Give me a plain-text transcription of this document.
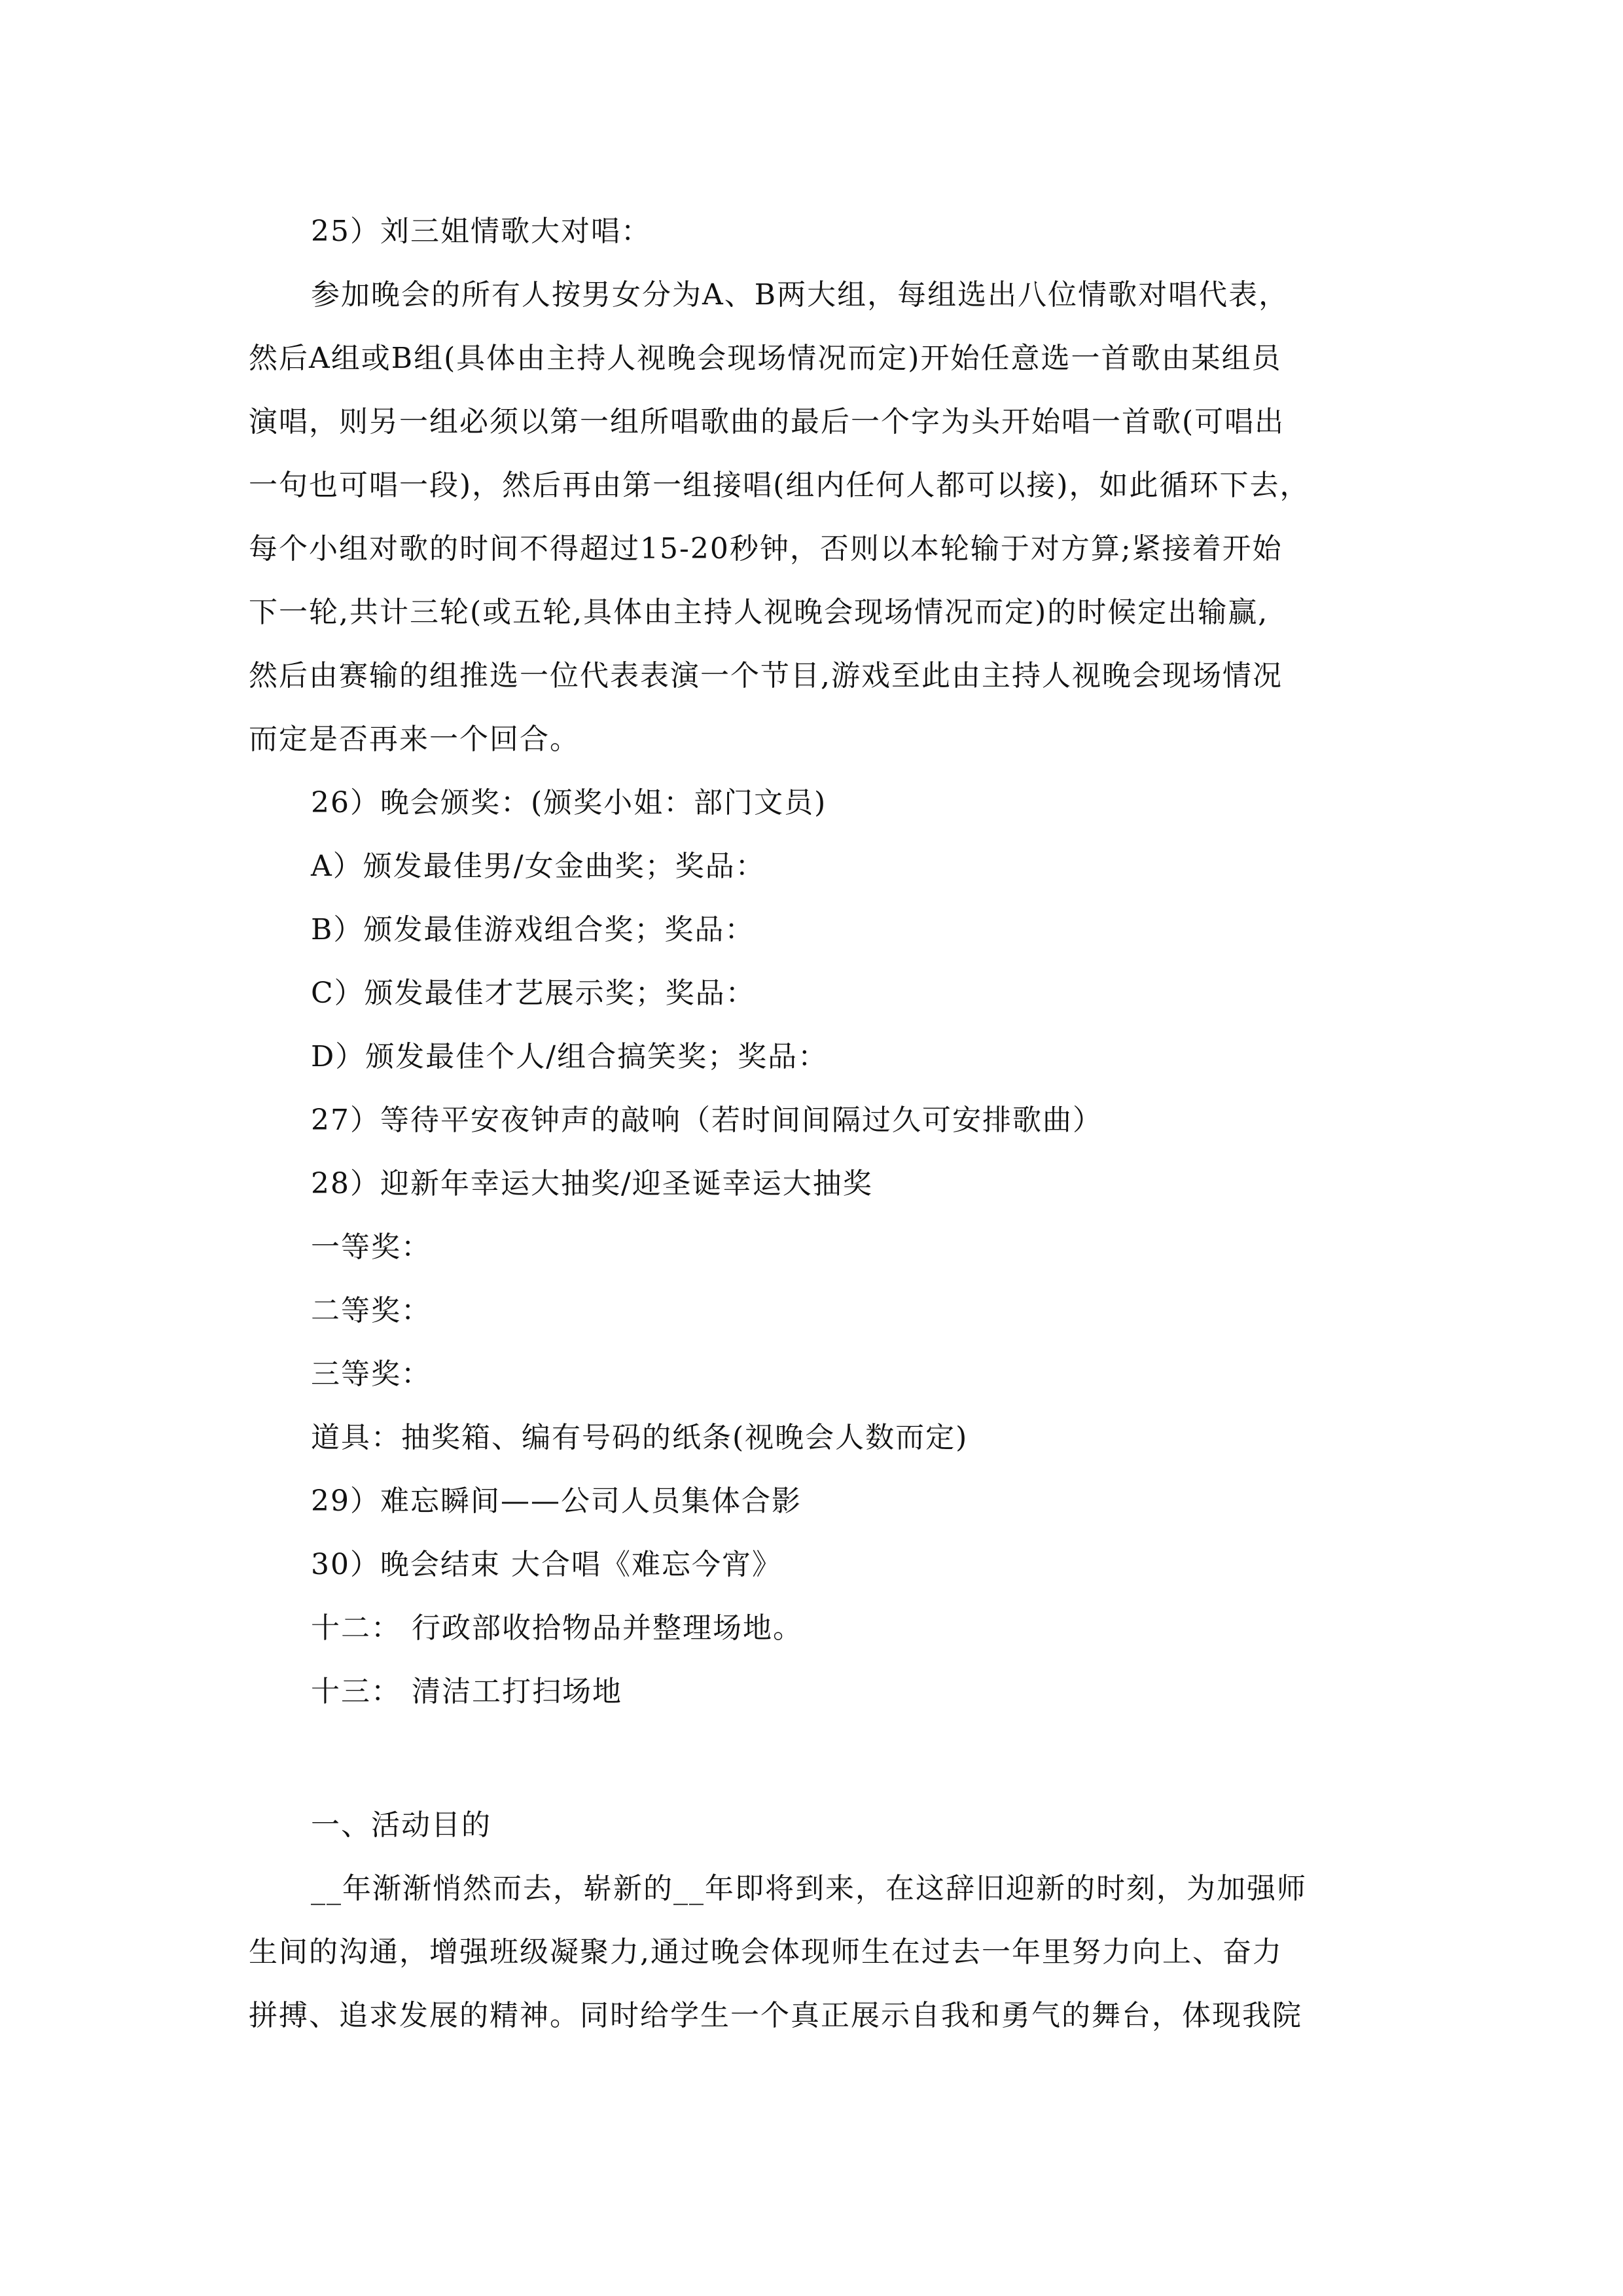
25）刘三姐情歌大对唱：
参加晚会的所有人按男女分为A、B两大组，每组选出八位情歌对唱代表，
然后A组或B组(具体由主持人视晚会现场情况而定)开始任意选一首歌由某组员
演唱，则另一组必须以第一组所唱歌曲的最后一个字为头开始唱一首歌(可唱出
一句也可唱一段)，然后再由第一组接唱(组内任何人都可以接)，如此循环下去，
每个小组对歌的时间不得超过15-20秒钟，否则以本轮输于对方算;紧接着开始
下一轮,共计三轮(或五轮,具体由主持人视晚会现场情况而定)的时候定出输赢,
然后由赛输的组推选一位代表表演一个节目,游戏至此由主持人视晚会现场情况
而定是否再来一个回合。
26）晚会颁奖：(颁奖小姐：部门文员)
A）颁发最佳男/女金曲奖；奖品：
B）颁发最佳游戏组合奖；奖品：
C）颁发最佳才艺展示奖；奖品：
D）颁发最佳个人/组合搞笑奖；奖品：
27）等待平安夜钟声的敲响（若时间间隔过久可安排歌曲）
28）迎新年幸运大抽奖/迎圣诞幸运大抽奖
一等奖：
二等奖：
三等奖：
道具：抽奖箱、编有号码的纸条(视晚会人数而定)
29）难忘瞬间——公司人员集体合影
30）晚会结束 大合唱《难忘今宵》
十二： 行政部收拾物品并整理场地。
十三： 清洁工打扫场地
一、活动目的
__年渐渐悄然而去，崭新的__年即将到来，在这辞旧迎新的时刻，为加强师
生间的沟通，增强班级凝聚力,通过晚会体现师生在过去一年里努力向上、奋力
拼搏、追求发展的精神。同时给学生一个真正展示自我和勇气的舞台，体现我院
